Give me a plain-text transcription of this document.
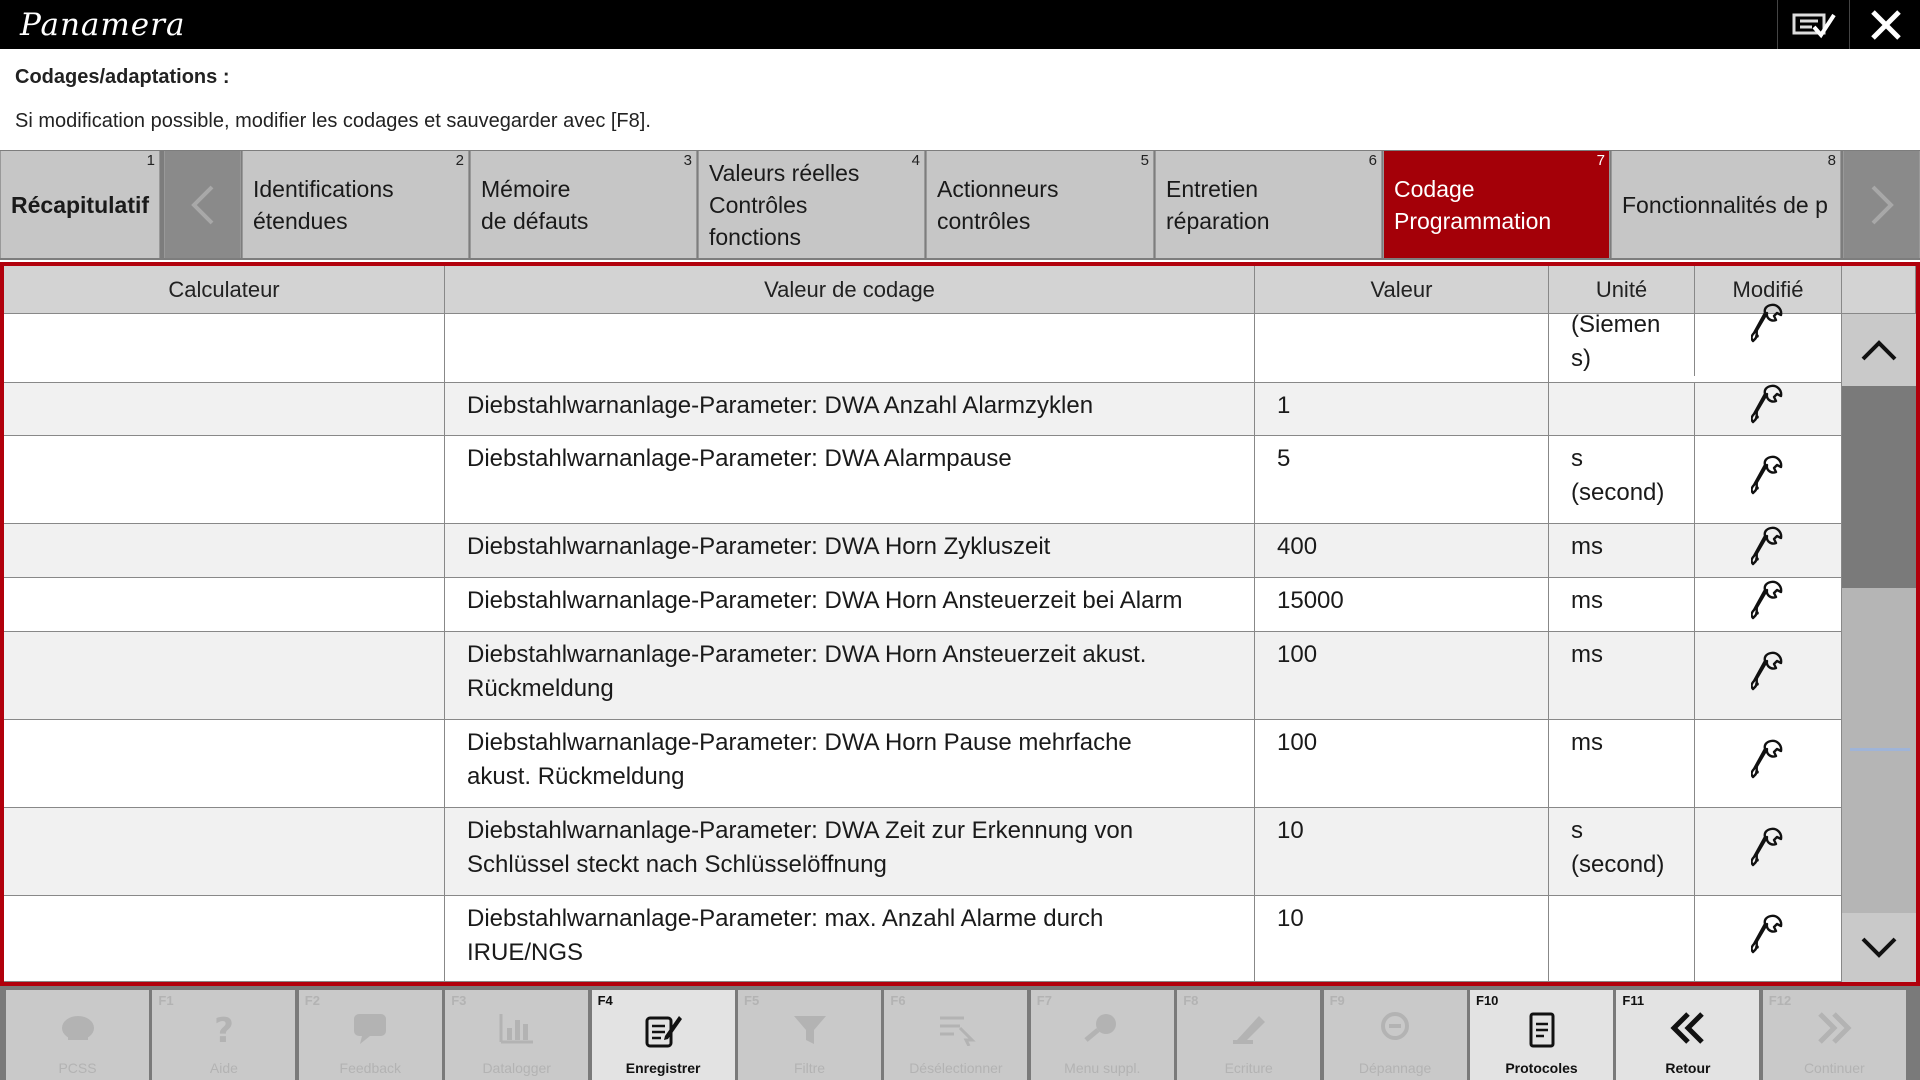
Panamera
Codages/adaptations :
Si modification possible, modifier les codages et sauvegarder avec [F8].
1
Récapitulatif
2
Identifications
étendues
3
Mémoire
de défauts
4
Valeurs réelles
Contrôles
fonctions
5
Actionneurs
contrôles
6
Entretien
réparation
7
Codage
Programmation
8
Fonctionnalités de p
Calculateur	Valeur de codage	Valeur	Unité	Modifié
(Siemen
s)
Diebstahlwarnanlage-Parameter: DWA Anzahl Alarmzyklen	1
Diebstahlwarnanlage-Parameter: DWA Alarmpause	5	s
(second)
Diebstahlwarnanlage-Parameter: DWA Horn Zykluszeit	400	ms
Diebstahlwarnanlage-Parameter: DWA Horn Ansteuerzeit bei Alarm	15000	ms
Diebstahlwarnanlage-Parameter: DWA Horn Ansteuerzeit akust.
Rückmeldung
100	ms
Diebstahlwarnanlage-Parameter: DWA Horn Pause mehrfache
akust. Rückmeldung
100	ms
Diebstahlwarnanlage-Parameter: DWA Zeit zur Erkennung von
Schlüssel steckt nach Schlüsselöffnung
10	s
(second)
Diebstahlwarnanlage-Parameter: max. Anzahl Alarme durch
IRUE/NGS
10
PCSS
F1
?
Aide
F2
Feedback
F3
Datalogger
F4
Enregistrer
F5
Filtre
F6
Désélectionner
F7
Menu suppl.
F8
Ecriture
F9
Dépannage
F10
Protocoles
F11
Retour
F12
Continuer
